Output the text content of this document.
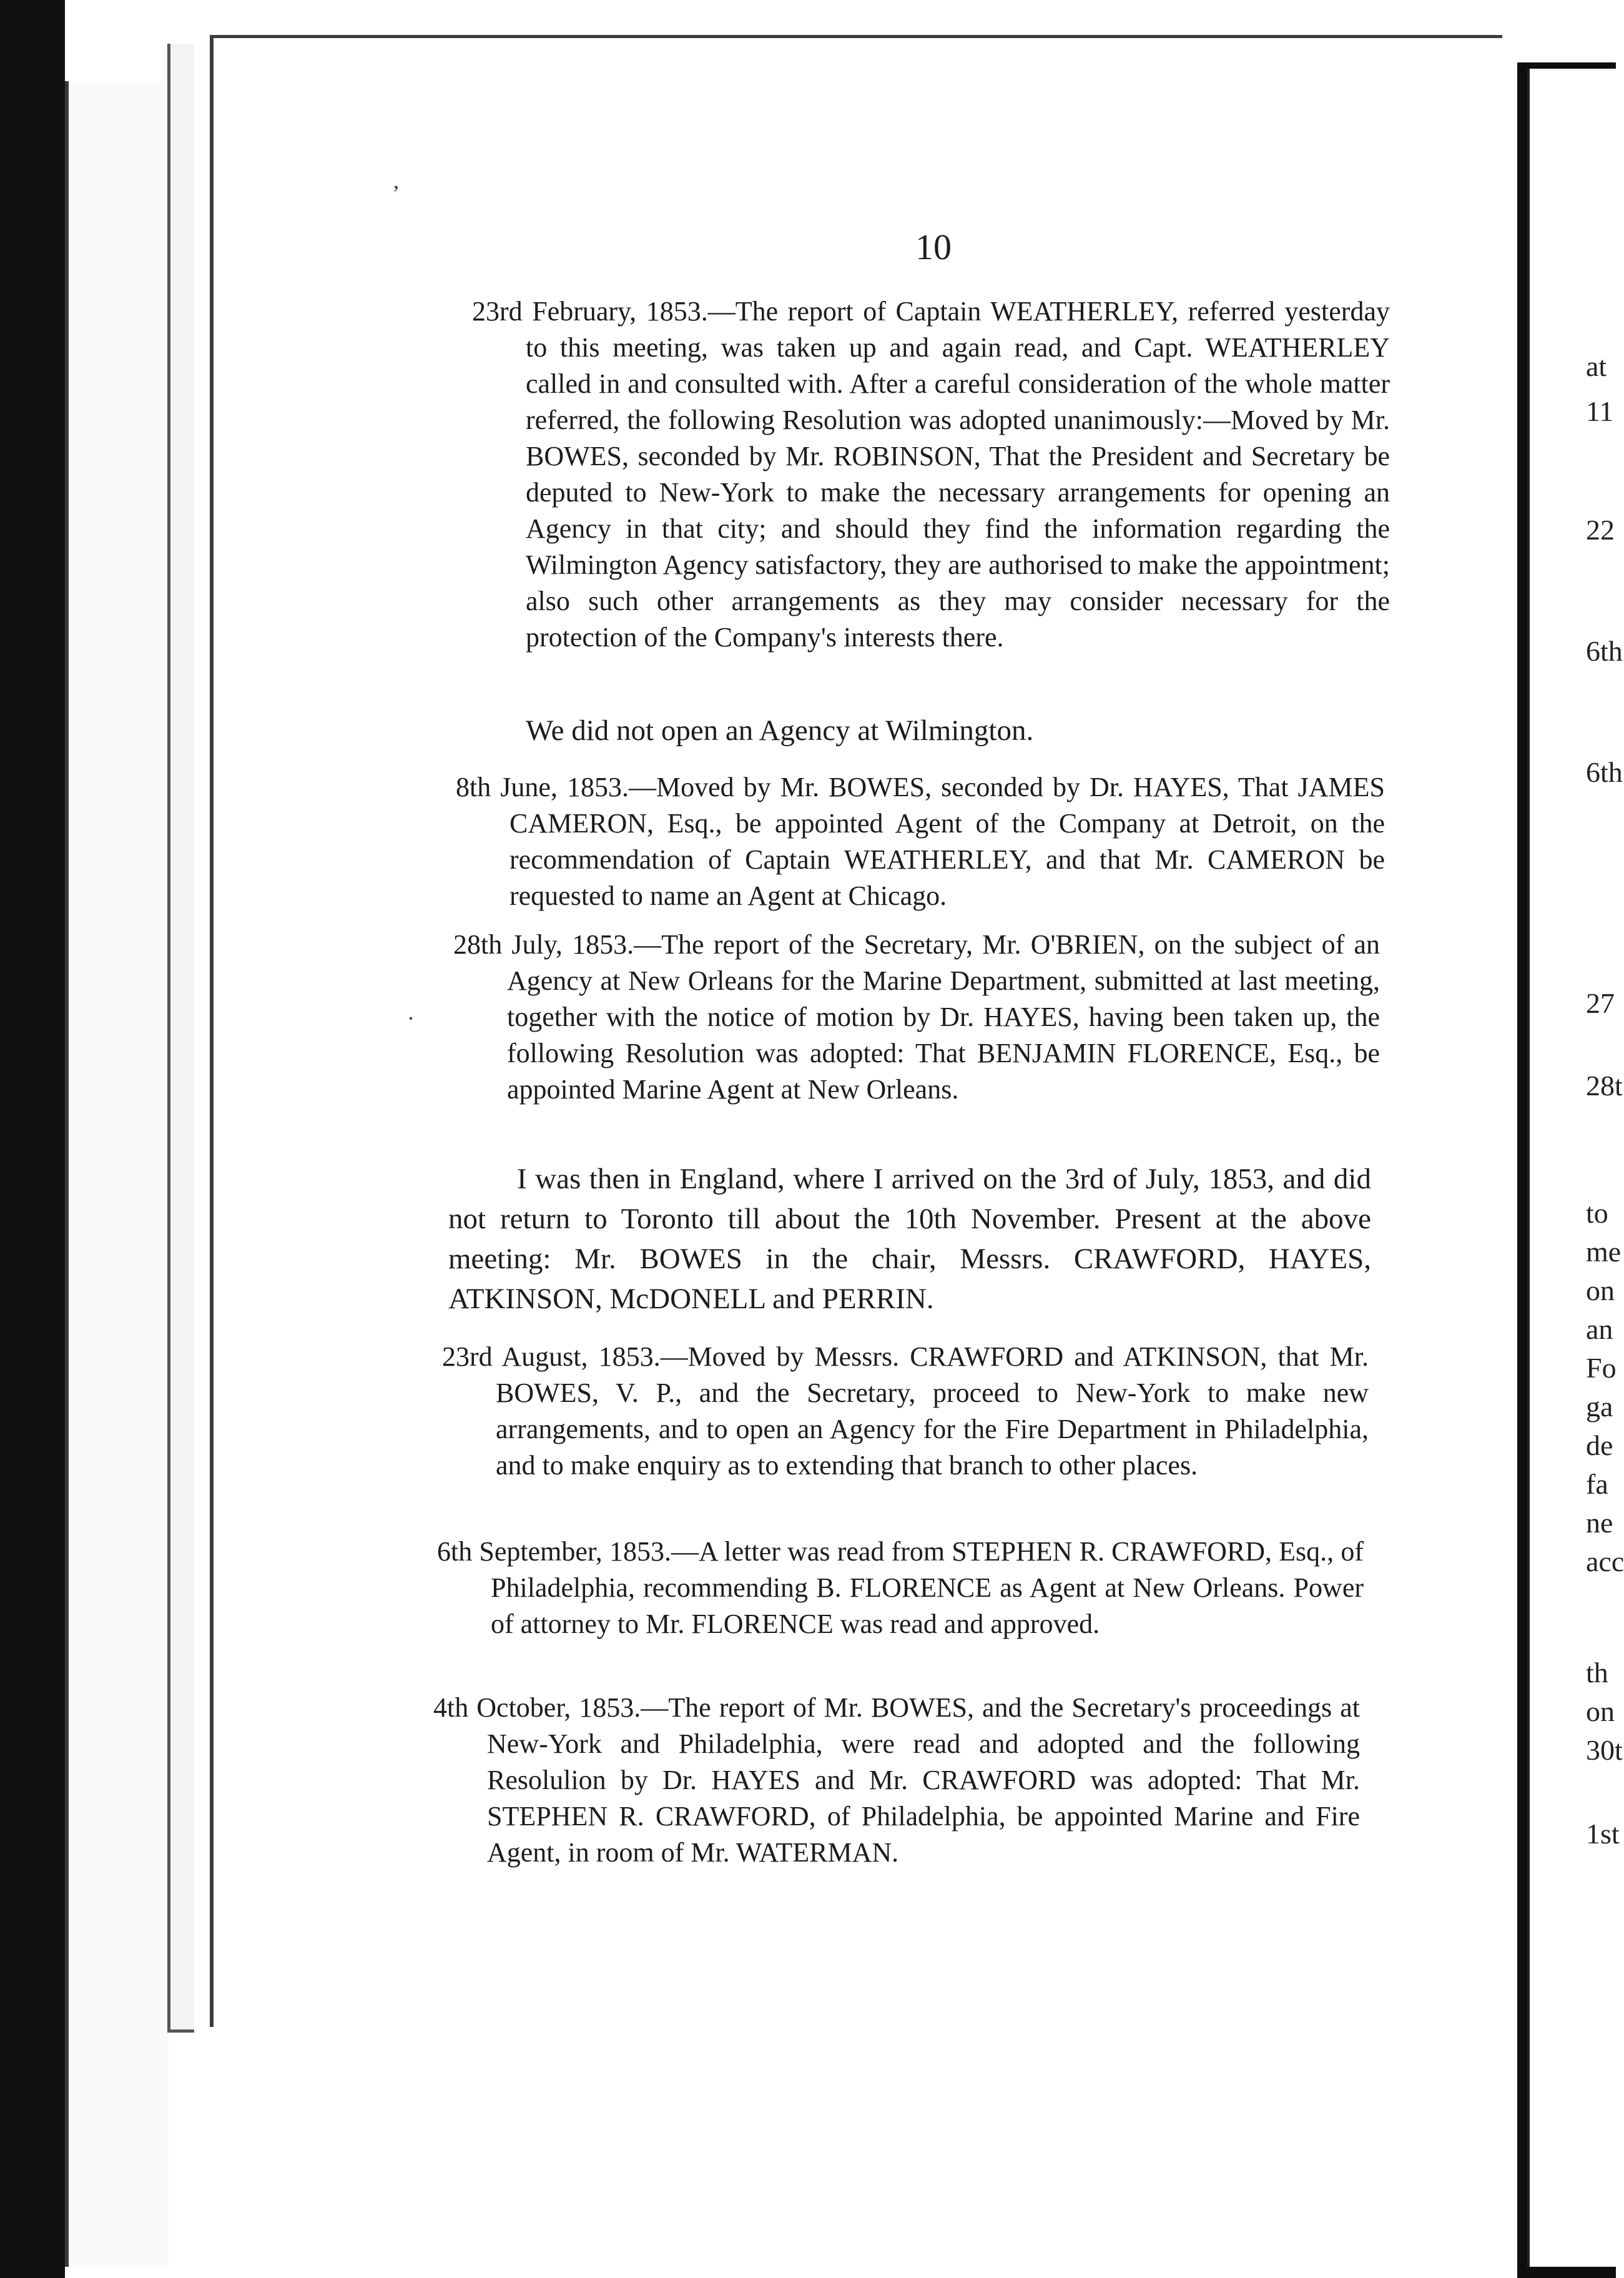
at
11
22
6th
6th
27
28t
to
me
on
an
Fo
ga
de
fa
ne
acc
th
on
30t
1st
,
·
10

23rd February, 1853.—The report of Captain WEATHERLEY, referred yesterday to this meeting, was taken up and again read, and Capt. WEATHERLEY called in and consulted with. After a careful consideration of the whole matter referred, the following Resolution was adopted unanimously:—Moved by Mr. BOWES, seconded by Mr. ROBINSON, That the President and Secretary be deputed to New-York to make the necessary arrangements for opening an Agency in that city; and should they find the information regarding the Wilmington Agency satisfactory, they are authorised to make the appointment; also such other arrangements as they may consider necessary for the protection of the Company's interests there.

We did not open an Agency at Wilmington.

8th June, 1853.—Moved by Mr. BOWES, seconded by Dr. HAYES, That JAMES CAMERON, Esq., be appointed Agent of the Company at Detroit, on the recommendation of Captain WEATHERLEY, and that Mr. CAMERON be requested to name an Agent at Chicago.

28th July, 1853.—The report of the Secretary, Mr. O'BRIEN, on the subject of an Agency at New Orleans for the Marine Department, submitted at last meeting, together with the notice of motion by Dr. HAYES, having been taken up, the following Resolution was adopted: That BENJAMIN FLORENCE, Esq., be appointed Marine Agent at New Orleans.

I was then in England, where I arrived on the 3rd of July, 1853, and did not return to Toronto till about the 10th November. Present at the above meeting: Mr. BOWES in the chair, Messrs. CRAWFORD, HAYES, ATKINSON, McDONELL and PERRIN.

23rd August, 1853.—Moved by Messrs. CRAWFORD and ATKINSON, that Mr. BOWES, V. P., and the Secretary, proceed to New-York to make new arrangements, and to open an Agency for the Fire Department in Philadelphia, and to make enquiry as to extending that branch to other places.

6th September, 1853.—A letter was read from STEPHEN R. CRAWFORD, Esq., of Philadelphia, recommending B. FLORENCE as Agent at New Orleans. Power of attorney to Mr. FLORENCE was read and approved.

4th October, 1853.—The report of Mr. BOWES, and the Secretary's proceedings at New-York and Philadelphia, were read and adopted and the following Resolulion by Dr. HAYES and Mr. CRAWFORD was adopted: That Mr. STEPHEN R. CRAWFORD, of Philadelphia, be appointed Marine and Fire Agent, in room of Mr. WATERMAN.
